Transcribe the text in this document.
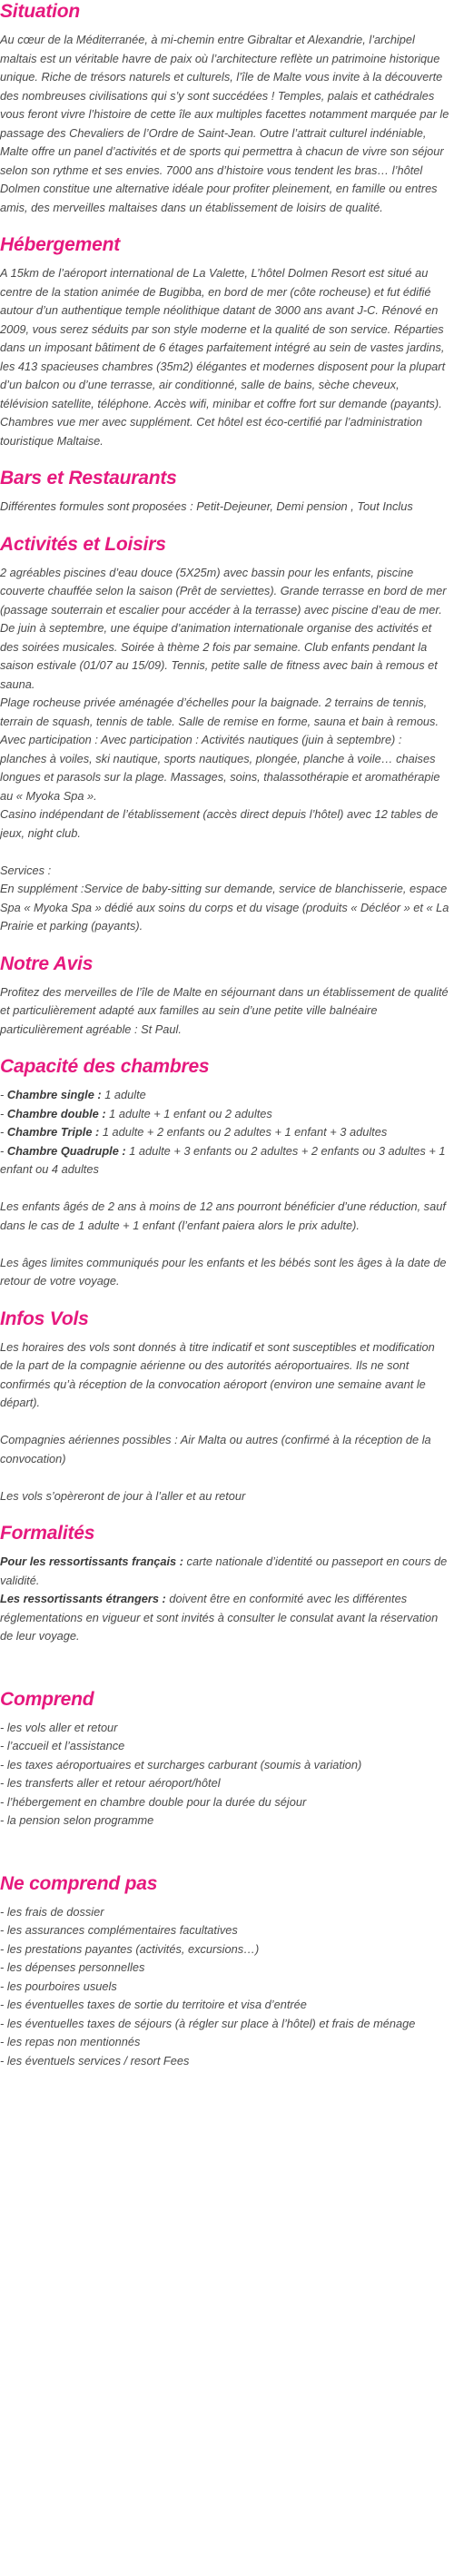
Situation

Au cœur de la Méditerranée, à mi-chemin entre Gibraltar et Alexandrie, l’archipel maltais est un véritable havre de paix où l’architecture reflète un patrimoine historique unique. Riche de trésors naturels et culturels, l’île de Malte vous invite à la découverte des nombreuses civilisations qui s’y sont succédées ! Temples, palais et cathédrales vous feront vivre l’histoire de cette île aux multiples facettes notamment marquée par le passage des Chevaliers de l’Ordre de Saint-Jean. Outre l’attrait culturel indéniable, Malte offre un panel d’activités et de sports qui permettra à chacun de vivre son séjour selon son rythme et ses envies. 7000 ans d’histoire vous tendent les bras… l’hôtel Dolmen constitue une alternative idéale pour profiter pleinement, en famille ou entres amis, des merveilles maltaises dans un établissement de loisirs de qualité.

Hébergement

A 15km de l’aéroport international de La Valette, L’hôtel Dolmen Resort est situé au centre de la station animée de Bugibba, en bord de mer (côte rocheuse) et fut édifié autour d’un authentique temple néolithique datant de 3000 ans avant J-C. Rénové en 2009, vous serez séduits par son style moderne et la qualité de son service. Réparties dans un imposant bâtiment de 6 étages parfaitement intégré au sein de vastes jardins, les 413 spacieuses chambres (35m2) élégantes et modernes disposent pour la plupart d’un balcon ou d’une terrasse, air conditionné, salle de bains, sèche cheveux, télévision satellite, téléphone. Accès wifi, minibar et coffre fort sur demande (payants). Chambres vue mer avec supplément. Cet hôtel est éco-certifié par l’administration touristique Maltaise.

Bars et Restaurants

Différentes formules sont proposées : Petit-Dejeuner, Demi pension , Tout Inclus

Activités et Loisirs
2 agréables piscines d’eau douce (5X25m) avec bassin pour les enfants, piscine couverte chauffée selon la saison (Prêt de serviettes). Grande terrasse en bord de mer (passage souterrain et escalier pour accéder à la terrasse) avec piscine d’eau de mer. De juin à septembre, une équipe d’animation internationale organise des activités et des soirées musicales. Soirée à thème 2 fois par semaine. Club enfants pendant la saison estivale (01/07 au 15/09). Tennis, petite salle de fitness avec bain à remous et sauna.
Plage rocheuse privée aménagée d’échelles pour la baignade. 2 terrains de tennis, terrain de squash, tennis de table. Salle de remise en forme, sauna et bain à remous.
Avec participation : Avec participation : Activités nautiques (juin à septembre) : planches à voiles, ski nautique, sports nautiques, plongée, planche à voile… chaises longues et parasols sur la plage. Massages, soins, thalassothérapie et aromathérapie au « Myoka Spa ».
Casino indépendant de l’établissement (accès direct depuis l’hôtel) avec 12 tables de jeux, night club.
Services :
En supplément :Service de baby-sitting sur demande, service de blanchisserie, espace Spa « Myoka Spa » dédié aux soins du corps et du visage (produits « Décléor » et « La Prairie et parking (payants).
Notre Avis

Profitez des merveilles de l’île de Malte en séjournant dans un établissement de qualité et particulièrement adapté aux familles au sein d’une petite ville balnéaire particulièrement agréable : St Paul.

Capacité des chambres
- Chambre single : 1 adulte
- Chambre double : 1 adulte + 1 enfant ou 2 adultes
- Chambre Triple : 1 adulte + 2 enfants ou 2 adultes + 1 enfant + 3 adultes
- Chambre Quadruple : 1 adulte + 3 enfants ou 2 adultes + 2 enfants ou 3 adultes + 1 enfant ou 4 adultes

Les enfants âgés de 2 ans à moins de 12 ans pourront bénéficier d’une réduction, sauf dans le cas de 1 adulte + 1 enfant (l’enfant paiera alors le prix adulte).

Les âges limites communiqués pour les enfants et les bébés sont les âges à la date de retour de votre voyage.

Infos Vols

Les horaires des vols sont donnés à titre indicatif et sont susceptibles et modification de la part de la compagnie aérienne ou des autorités aéroportuaires. Ils ne sont confirmés qu’à réception de la convocation aéroport (environ une semaine avant le départ).

Compagnies aériennes possibles : Air Malta ou autres (confirmé à la réception de la convocation)

Les vols s’opèreront de jour à l’aller et au retour

Formalités
Pour les ressortissants français : carte nationale d’identité ou passeport en cours de validité.
Les ressortissants étrangers : doivent être en conformité avec les différentes réglementations en vigueur et sont invités à consulter le consulat avant la réservation de leur voyage.
Comprend
- les vols aller et retour
- l’accueil et l’assistance
- les taxes aéroportuaires et surcharges carburant (soumis à variation)
- les transferts aller et retour aéroport/hôtel
- l’hébergement en chambre double pour la durée du séjour
- la pension selon programme
Ne comprend pas
- les frais de dossier
- les assurances complémentaires facultatives
- les prestations payantes (activités, excursions…)
- les dépenses personnelles
- les pourboires usuels
- les éventuelles taxes de sortie du territoire et visa d’entrée
- les éventuelles taxes de séjours (à régler sur place à l’hôtel) et frais de ménage
- les repas non mentionnés
- les éventuels services / resort Fees
